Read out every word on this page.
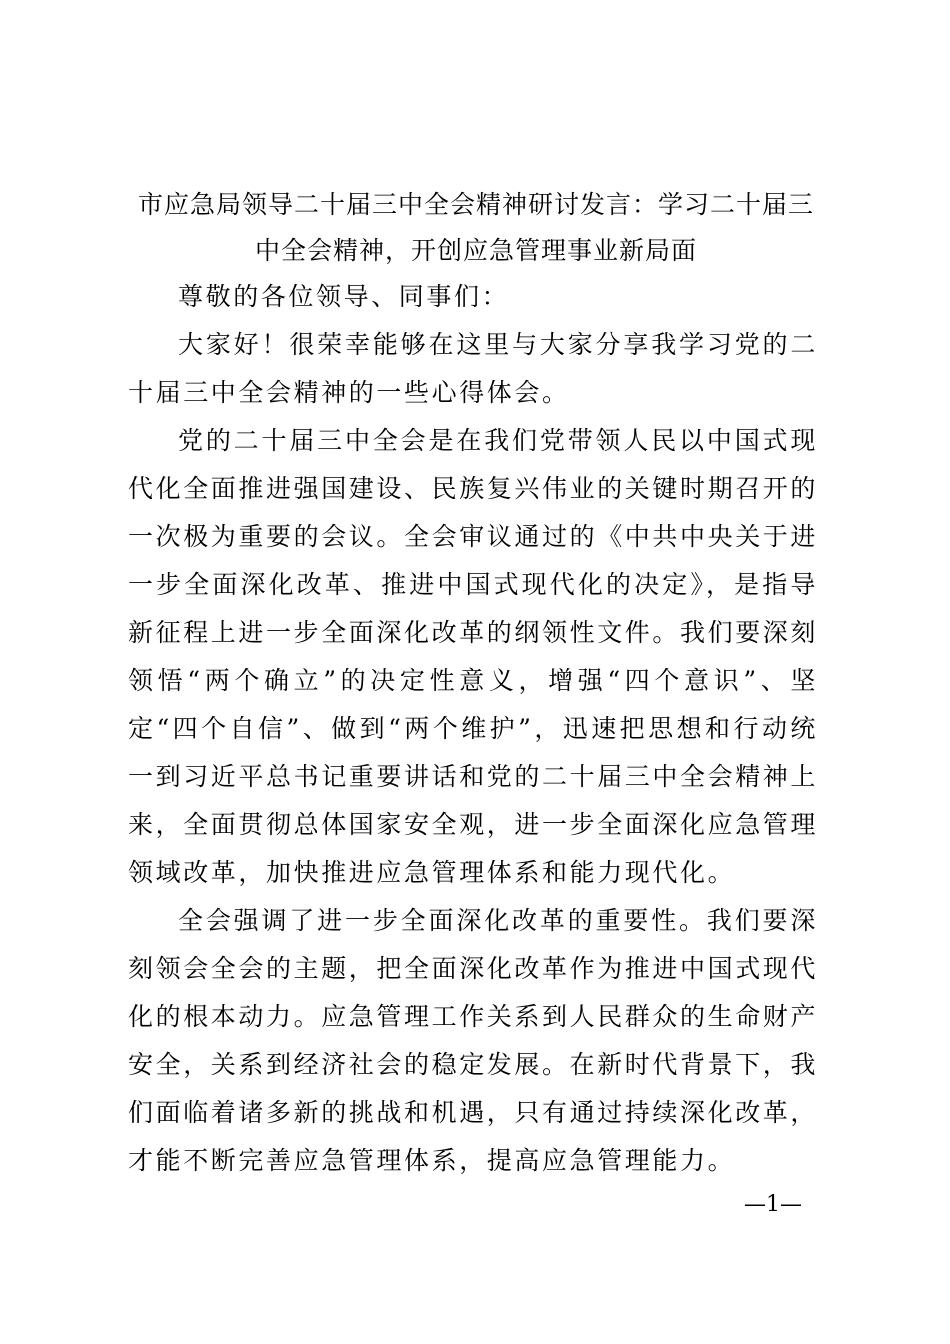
市应急局领导二十届三中全会精神研讨发言：学习二十届三中全会精神，开创应急管理事业新局面

尊敬的各位领导、同事们：

大家好！很荣幸能够在这里与大家分享我学习党的二十届三中全会精神的一些心得体会。

党的二十届三中全会是在我们党带领人民以中国式现代化全面推进强国建设、民族复兴伟业的关键时期召开的一次极为重要的会议。全会审议通过的《中共中央关于进一步全面深化改革、推进中国式现代化的决定》，是指导新征程上进一步全面深化改革的纲领性文件。我们要深刻领悟“两个确立”的决定性意义，增强“四个意识”、坚定“四个自信”、做到“两个维护”，迅速把思想和行动统一到习近平总书记重要讲话和党的二十届三中全会精神上来，全面贯彻总体国家安全观，进一步全面深化应急管理领域改革，加快推进应急管理体系和能力现代化。

全会强调了进一步全面深化改革的重要性。我们要深刻领会全会的主题，把全面深化改革作为推进中国式现代化的根本动力。应急管理工作关系到人民群众的生命财产安全，关系到经济社会的稳定发展。在新时代背景下，我们面临着诸多新的挑战和机遇，只有通过持续深化改革，才能不断完善应急管理体系，提高应急管理能力。

—1—
